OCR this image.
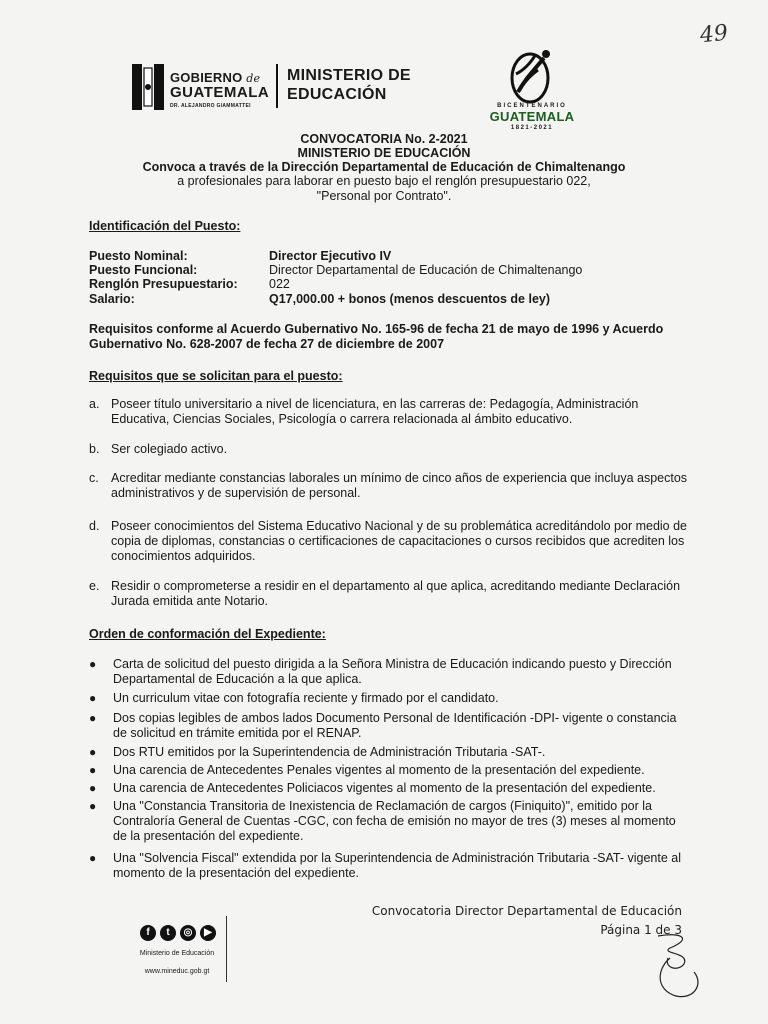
49
GOBIERNO de
GUATEMALA
DR. ALEJANDRO GIAMMATTEI
MINISTERIO DE
EDUCACIÓN
BICENTENARIO
GUATEMALA
1821-2021
CONVOCATORIA No. 2-2021
MINISTERIO DE EDUCACIÓN
Convoca a través de la Dirección Departamental de Educación de Chimaltenango
a profesionales para laborar en puesto bajo el renglón presupuestario 022,
"Personal por Contrato".
Identificación del Puesto:
Puesto Nominal:	Director Ejecutivo IV
Puesto Funcional:	Director Departamental de Educación de Chimaltenango
Renglón Presupuestario:	022
Salario:	Q17,000.00 + bonos (menos descuentos de ley)
Requisitos conforme al Acuerdo Gubernativo No. 165-96 de fecha 21 de mayo de 1996 y Acuerdo Gubernativo No. 628-2007 de fecha 27 de diciembre de 2007
Requisitos que se solicitan para el puesto:
a. Poseer título universitario a nivel de licenciatura, en las carreras de: Pedagogía, Administración Educativa, Ciencias Sociales, Psicología o carrera relacionada al ámbito educativo.
b. Ser colegiado activo.
c. Acreditar mediante constancias laborales un mínimo de cinco años de experiencia que incluya aspectos administrativos y de supervisión de personal.
d. Poseer conocimientos del Sistema Educativo Nacional y de su problemática acreditándolo por medio de copia de diplomas, constancias o certificaciones de capacitaciones o cursos recibidos que acrediten los conocimientos adquiridos.
e. Residir o comprometerse a residir en el departamento al que aplica, acreditando mediante Declaración Jurada emitida ante Notario.
Orden de conformación del Expediente:
● Carta de solicitud del puesto dirigida a la Señora Ministra de Educación indicando puesto y Dirección Departamental de Educación a la que aplica.
● Un curriculum vitae con fotografía reciente y firmado por el candidato.
● Dos copias legibles de ambos lados Documento Personal de Identificación -DPI- vigente o constancia de solicitud en trámite emitida por el RENAP.
● Dos RTU emitidos por la Superintendencia de Administración Tributaria -SAT-.
● Una carencia de Antecedentes Penales vigentes al momento de la presentación del expediente.
● Una carencia de Antecedentes Policiacos vigentes al momento de la presentación del expediente.
● Una "Constancia Transitoria de Inexistencia de Reclamación de cargos (Finiquito)", emitido por la Contraloría General de Cuentas -CGC, con fecha de emisión no mayor de tres (3) meses al momento de la presentación del expediente.
● Una "Solvencia Fiscal" extendida por la Superintendencia de Administración Tributaria -SAT- vigente al momento de la presentación del expediente.
Convocatoria Director Departamental de Educación
Página 1 de 3
f	t	◎	▶
Ministerio de Educación
www.mineduc.gob.gt
